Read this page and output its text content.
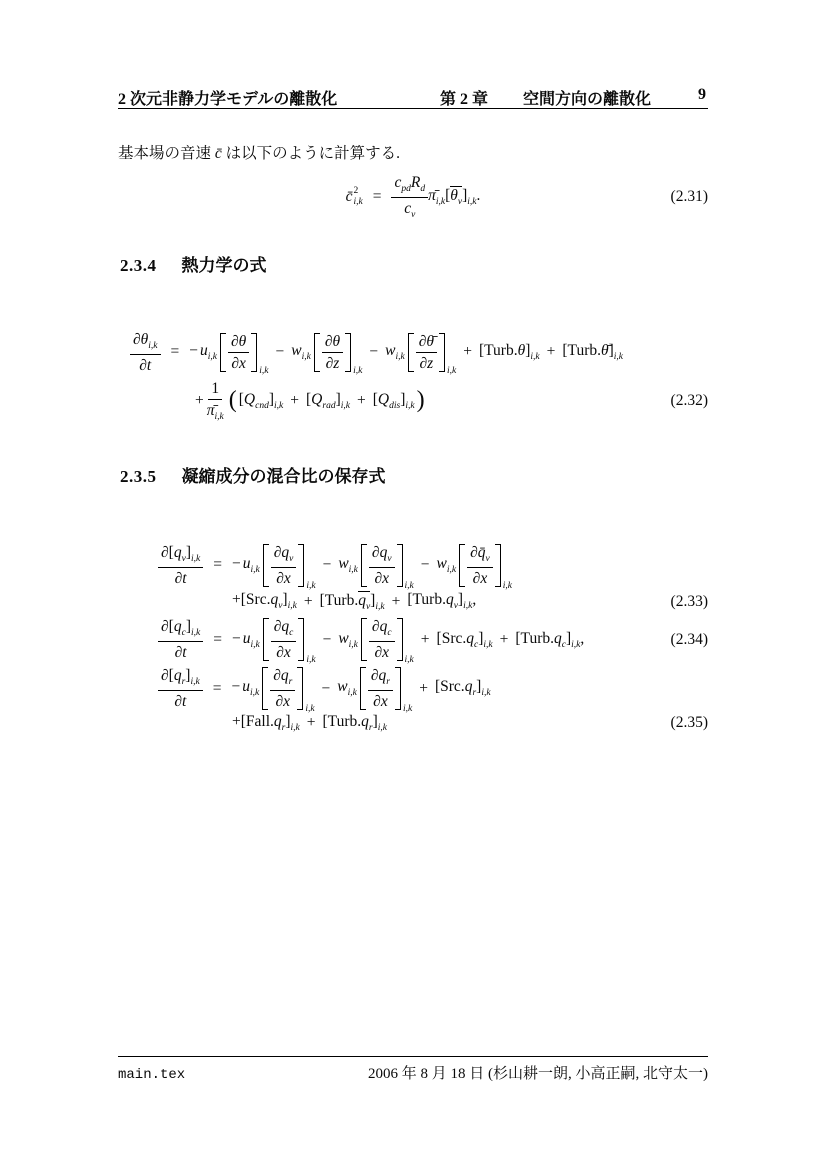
2 次元非静力学モデルの離散化	第 2 章 空間方向の離散化	9
基本場の音速 c̄ は以下のように計算する.
c̄ 2
$i,k = \frac{c_{pd}R_d}{c_v}$ $\pī_{i,k}$ $[\theta_v]_{i,k}$.	(2.31)
2.3.4 熱力学の式
$\frac{\partial\theta_{i,k}}{\partial t}$ = − $u_{i,k} \frac{\partial\theta}{\partial x} i,k$
− $w_{i,k} \frac{\partial\theta}{\partial z} i,k$
− $w_{i,k} \frac{\partial\thetā}{\partial z} i,k$
+ $[Turb.\theta]_{i,k}$ + $[Turb.\thetā]_{i,k}$
+ $\frac{1}{\pī_{i,k}}$ ( $[Q_{cnd}]_{i,k} + [Q_{rad}]_{i,k} + [Q_{dis}]_{i,k}$ )	(2.32)
2.3.5 凝縮成分の混合比の保存式
$\frac{\partial[q_v]_{i,k}}{\partial t}$ = − $u_{i,k} \frac{\partial q_v}{\partial x} i,k$
− $w_{i,k} \frac{\partial q_v}{\partial x} i,k$
− $w_{i,k} \frac{\partial q̄_v}{\partial x} i,k$
$+[Src.q_v]_{i,k}$ + $[Turb.q_v]_{i,k}$ + $[Turb.q_v]_{i,k}$,	(2.33)
$\frac{\partial[q_c]_{i,k}}{\partial t}$ = − $u_{i,k} \frac{\partial q_c}{\partial x} i,k$
− $w_{i,k} \frac{\partial q_c}{\partial x} i,k$
+ $[Src.q_c]_{i,k}$ + $[Turb.q_c]_{i,k}$,	(2.34)
$\frac{\partial[q_r]_{i,k}}{\partial t}$ = − $u_{i,k} \frac{\partial q_r}{\partial x} i,k$
− $w_{i,k} \frac{\partial q_r}{\partial x} i,k$
+ $[Src.q_r]_{i,k}$
$+[Fall.q_r]_{i,k}$ + $[Turb.q_r]_{i,k}$	(2.35)
main.tex	2006 年 8 月 18 日 (杉山耕一朗, 小高正嗣, 北守太一)
